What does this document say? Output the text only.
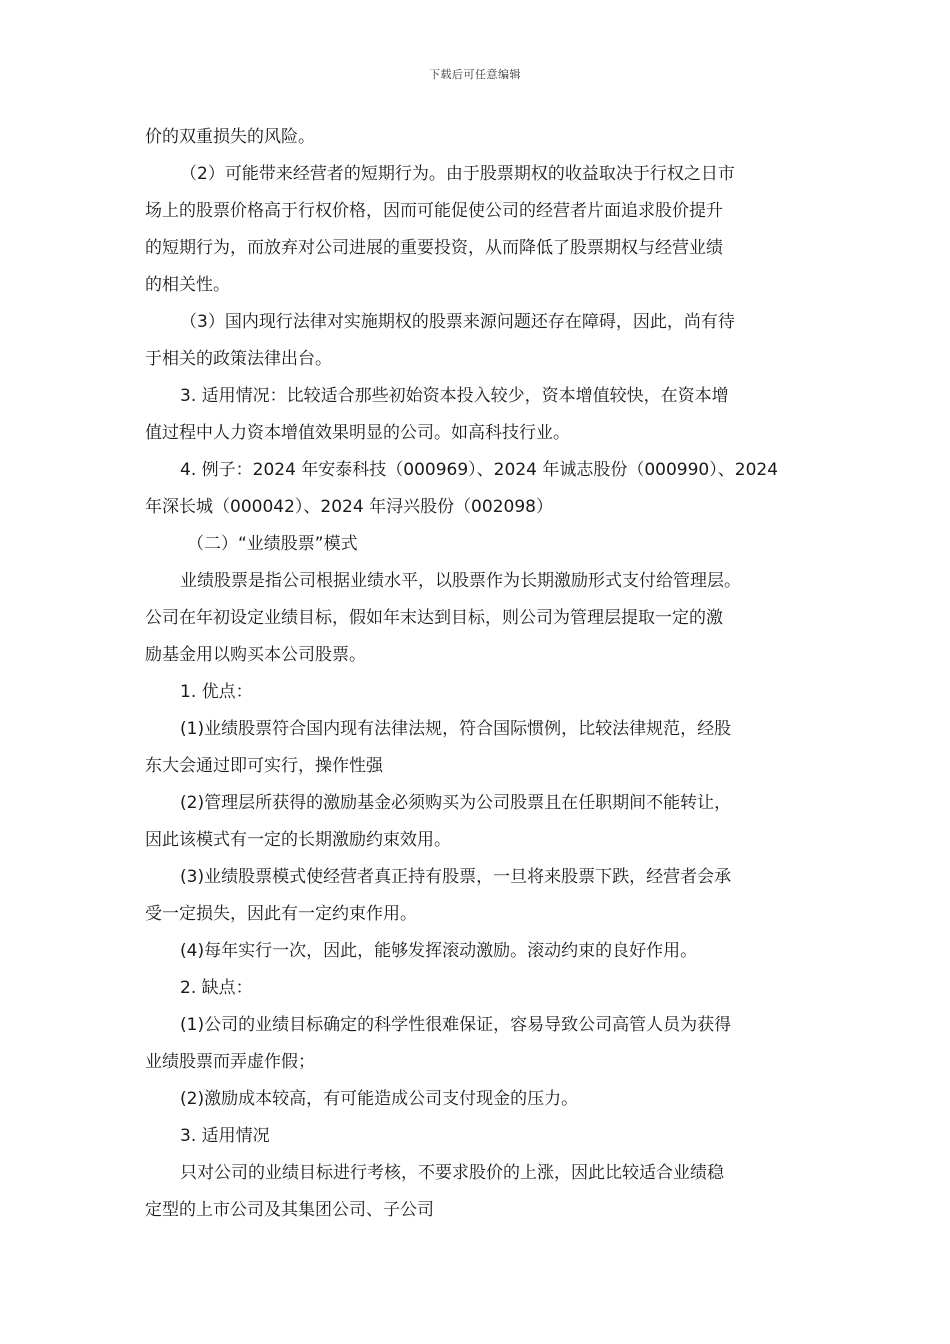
下载后可任意编辑

价的双重损失的风险。

（2）可能带来经营者的短期行为。由于股票期权的收益取决于行权之日市

场上的股票价格高于行权价格，因而可能促使公司的经营者片面追求股价提升

的短期行为，而放弃对公司进展的重要投资，从而降低了股票期权与经营业绩

的相关性。

（3）国内现行法律对实施期权的股票来源问题还存在障碍，因此，尚有待

于相关的政策法律出台。

3. 适用情况：比较适合那些初始资本投入较少，资本增值较快，在资本增

值过程中人力资本增值效果明显的公司。如高科技行业。

4. 例子：2024 年安泰科技（000969）、2024 年诚志股份（000990）、2024

年深长城（000042）、2024 年浔兴股份（002098）

（二）“业绩股票”模式

业绩股票是指公司根据业绩水平，以股票作为长期激励形式支付给管理层。

公司在年初设定业绩目标，假如年末达到目标，则公司为管理层提取一定的激

励基金用以购买本公司股票。

1. 优点：

(1)业绩股票符合国内现有法律法规，符合国际惯例，比较法律规范，经股

东大会通过即可实行，操作性强

(2)管理层所获得的激励基金必须购买为公司股票且在任职期间不能转让，

因此该模式有一定的长期激励约束效用。

(3)业绩股票模式使经营者真正持有股票，一旦将来股票下跌，经营者会承

受一定损失，因此有一定约束作用。

(4)每年实行一次，因此，能够发挥滚动激励。滚动约束的良好作用。

2. 缺点：

(1)公司的业绩目标确定的科学性很难保证，容易导致公司高管人员为获得

业绩股票而弄虚作假；

(2)激励成本较高，有可能造成公司支付现金的压力。

3. 适用情况

只对公司的业绩目标进行考核，不要求股价的上涨，因此比较适合业绩稳

定型的上市公司及其集团公司、子公司
